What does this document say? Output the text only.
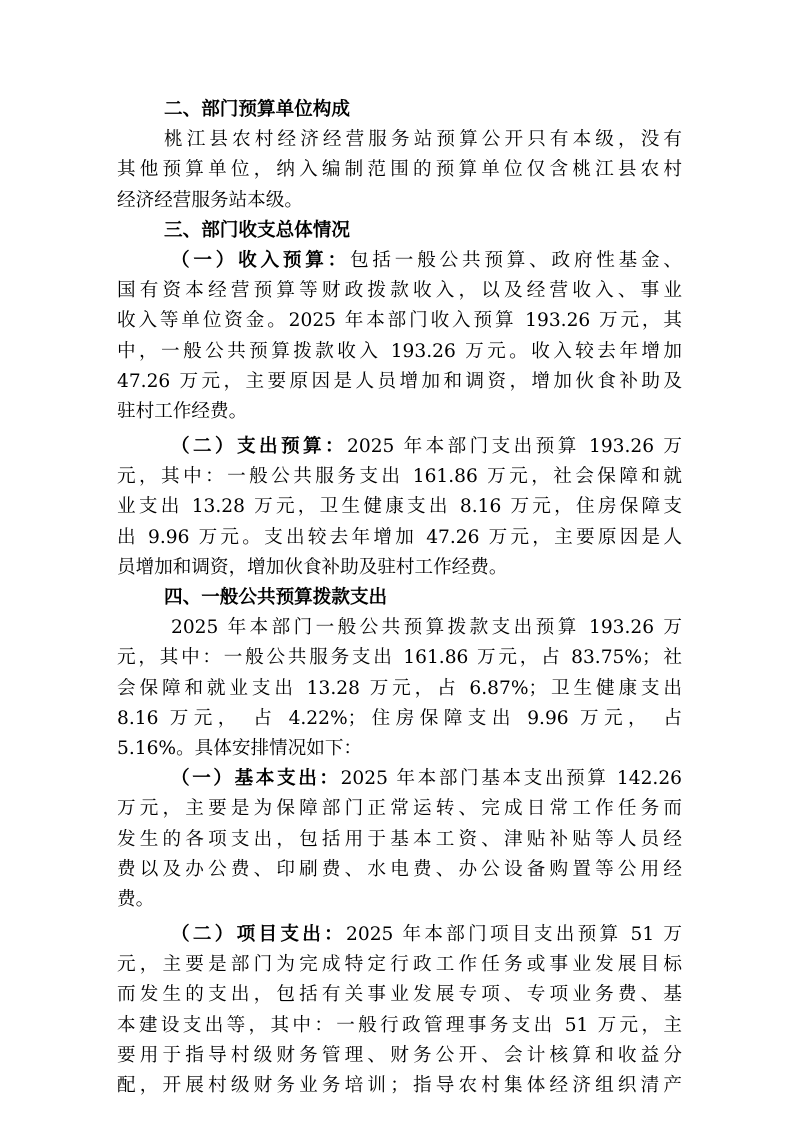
二、部门预算单位构成
桃江县农村经济经营服务站预算公开只有本级，没有
其他预算单位，纳入编制范围的预算单位仅含桃江县农村
经济经营服务站本级。
三、部门收支总体情况
（一）收入预算：包括一般公共预算、政府性基金、
国有资本经营预算等财政拨款收入，以及经营收入、事业
收入等单位资金。2025 年本部门收入预算 193.26 万元，其
中，一般公共预算拨款收入 193.26 万元。收入较去年增加
47.26 万元，主要原因是人员增加和调资，增加伙食补助及
驻村工作经费。
（二）支出预算：2025 年本部门支出预算 193.26 万
元，其中：一般公共服务支出 161.86 万元，社会保障和就
业支出 13.28 万元，卫生健康支出 8.16 万元，住房保障支
出 9.96 万元。支出较去年增加 47.26 万元，主要原因是人
员增加和调资，增加伙食补助及驻村工作经费。
四、一般公共预算拨款支出
2025 年本部门一般公共预算拨款支出预算 193.26 万
元，其中：一般公共服务支出 161.86 万元，占 83.75%；社
会保障和就业支出 13.28 万元，占 6.87%；卫生健康支出
8.16 万元， 占 4.22%；住房保障支出 9.96 万元， 占
5.16%。具体安排情况如下：
（一）基本支出：2025 年本部门基本支出预算 142.26
万元，主要是为保障部门正常运转、完成日常工作任务而
发生的各项支出，包括用于基本工资、津贴补贴等人员经
费以及办公费、印刷费、水电费、办公设备购置等公用经
费。
（二）项目支出：2025 年本部门项目支出预算 51 万
元，主要是部门为完成特定行政工作任务或事业发展目标
而发生的支出，包括有关事业发展专项、专项业务费、基
本建设支出等，其中：一般行政管理事务支出 51 万元，主
要用于指导村级财务管理、财务公开、会计核算和收益分
配，开展村级财务业务培训；指导农村集体经济组织清产
